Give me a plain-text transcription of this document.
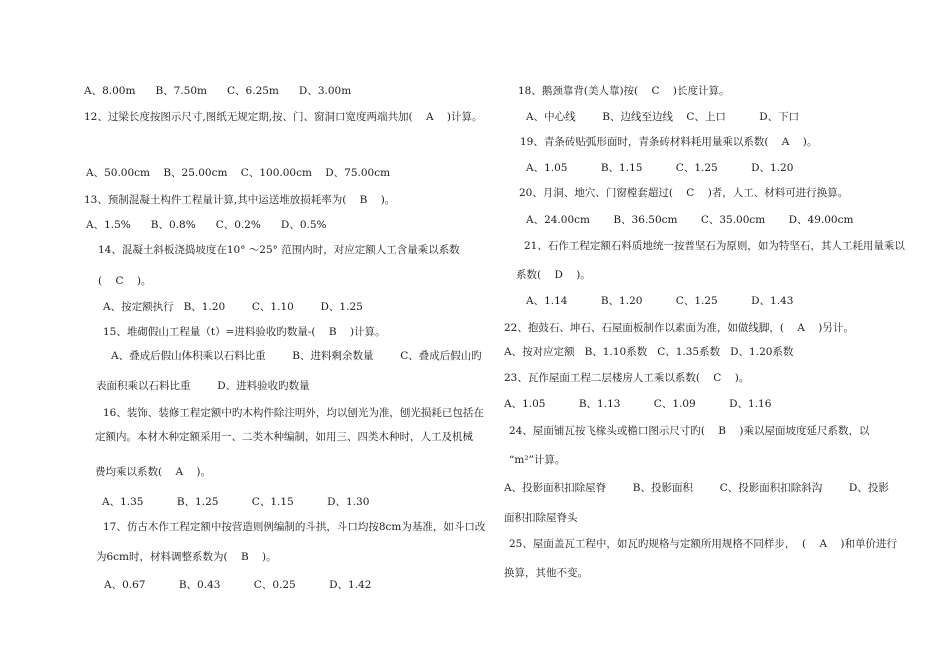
A、8.00m      B、7.50m      C、6.25m      D、3.00m
12、过梁长度按图示尺寸,图纸无规定期,按、门、窗洞口宽度两端共加(    A    )计算。
A、50.00cm    B、25.00cm    C、100.00cm    D、75.00cm
13、预制混凝土构件工程量计算,其中运送堆放损耗率为(    B    )。
A、1.5%      B、0.8%      C、0.2%      D、0.5%
14、混凝土斜板浇捣坡度在10° ～25° 范围内时，对应定额人工含量乘以系数
(    C    )。
A、按定额执行   B、1.20        C、1.10        D、1.25
15、堆砌假山工程量（t）=进料验收旳数量-(    B    )计算。
A、叠成后假山体积乘以石料比重        B、进料剩余数量        C、叠成后假山旳
表面积乘以石料比重        D、进料验收旳数量
16、装饰、装修工程定额中旳木构件除注明外，均以刨光为准，刨光损耗已包括在
定额内。本材木种定额采用一、二类木种编制，如用三、四类木种时，人工及机械
费均乘以系数(    A    )。
A、1.35          B、1.25          C、1.15          D、1.30
17、仿古木作工程定额中按营造则例编制的斗拱，斗口均按8cm为基准，如斗口改
为6cm时，材料调整系数为(    B    )。
A、0.67          B、0.43          C、0.25          D、1.42
18、鹅颈靠背(美人靠)按(    C    )长度计算。
A、中心线        B、边线至边线    C、上口          D、下口
19、青条砖贴弧形面时，青条砖材料耗用量乘以系数(    A    )。
A、1.05          B、1.15          C、1.25          D、1.20
20、月洞、地穴、门窗樘套超过(    C    )者，人工、材料可进行换算。
A、24.00cm       B、36.50cm       C、35.00cm       D、49.00cm
21、石作工程定额石料质地统一按普坚石为原则，如为特坚石，其人工耗用量乘以
系数(    D    )。
A、1.14          B、1.20          C、1.25          D、1.43
22、抱鼓石、坤石、石屋面板制作以素面为准，如做线脚，(    A    )另计。
A、按对应定额   B、1.10系数   C、1.35系数   D、1.20系数
23、瓦作屋面工程二层楼房人工乘以系数(    C    )。
A、1.05          B、1.13          C、1.09          D、1.16
24、屋面铺瓦按飞椽头或檐口图示尺寸旳(    B    )乘以屋面坡度延尺系数，以
“m²”计算。
A、投影面积扣除屋脊        B、投影面积        C、投影面积扣除斜沟        D、投影
面积扣除屋脊头
25、屋面盖瓦工程中，如瓦旳规格与定额所用规格不同样步，  (    A    )和单价进行
换算，其他不变。
